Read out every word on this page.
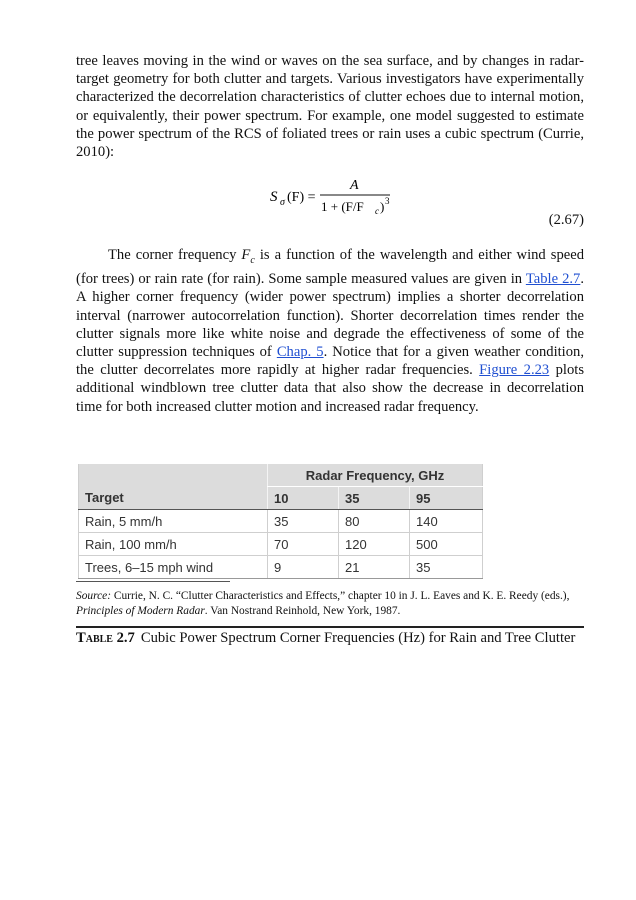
tree leaves moving in the wind or waves on the sea surface, and by changes in radar-target geometry for both clutter and targets. Various investigators have experimentally characterized the decorrelation characteristics of clutter echoes due to internal motion, or equivalently, their power spectrum. For example, one model suggested to estimate the power spectrum of the RCS of foliated trees or rain uses a cubic spectrum (Currie, 2010):
S σ (F) =
A
1 + (F/F c ) 3
(2.67)
The corner frequency $F_c$ is a function of the wavelength and either wind speed (for trees) or rain rate (for rain). Some sample measured values are given in Table 2.7. A higher corner frequency (wider power spectrum) implies a shorter decorrelation interval (narrower autocorrelation function). Shorter decorrelation times render the clutter signals more like white noise and degrade the effectiveness of some of the clutter suppression techniques of Chap. 5. Notice that for a given weather condition, the clutter decorrelates more rapidly at higher radar frequencies. Figure 2.23 plots additional windblown tree clutter data that also show the decrease in decorrelation time for both increased clutter motion and increased radar frequency.
	Radar Frequency, GHz		
Target	10	35	95
Rain, 5 mm/h	35	80	140
Rain, 100 mm/h	70	120	500
Trees, 6–15 mph wind	9	21	35
Source: Currie, N. C. “Clutter Characteristics and Effects,” chapter 10 in J. L. Eaves and K. E. Reedy (eds.), Principles of Modern Radar. Van Nostrand Reinhold, New York, 1987.
Table 2.7 Cubic Power Spectrum Corner Frequencies (Hz) for Rain and Tree Clutter
